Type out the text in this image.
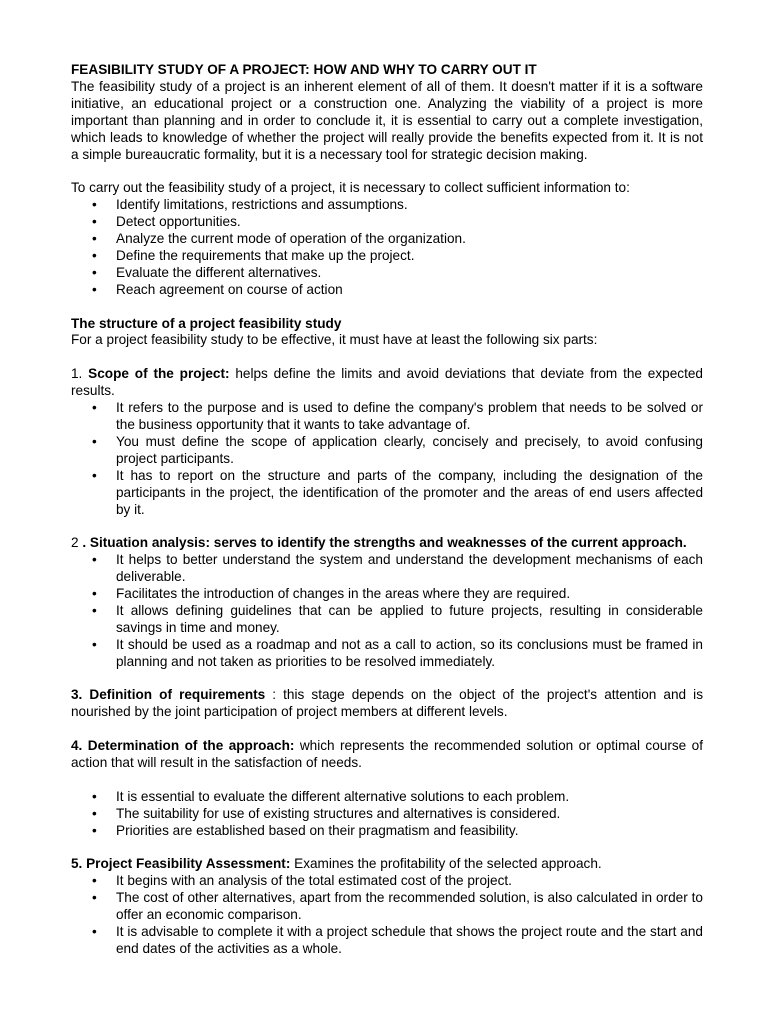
FEASIBILITY STUDY OF A PROJECT: HOW AND WHY TO CARRY OUT IT

The feasibility study of a project is an inherent element of all of them. It doesn't matter if it is a software initiative, an educational project or a construction one. Analyzing the viability of a project is more important than planning and in order to conclude it, it is essential to carry out a complete investigation, which leads to knowledge of whether the project will really provide the benefits expected from it. It is not a simple bureaucratic formality, but it is a necessary tool for strategic decision making.

To carry out the feasibility study of a project, it is necessary to collect sufficient information to:

• Identify limitations, restrictions and assumptions.
• Detect opportunities.
• Analyze the current mode of operation of the organization.
• Define the requirements that make up the project.
• Evaluate the different alternatives.
• Reach agreement on course of action

The structure of a project feasibility study

For a project feasibility study to be effective, it must have at least the following six parts:

1. Scope of the project: helps define the limits and avoid deviations that deviate from the expected results.

• It refers to the purpose and is used to define the company's problem that needs to be solved or the business opportunity that it wants to take advantage of.
• You must define the scope of application clearly, concisely and precisely, to avoid confusing project participants.
• It has to report on the structure and parts of the company, including the designation of the participants in the project, the identification of the promoter and the areas of end users affected by it.

2 . Situation analysis: serves to identify the strengths and weaknesses of the current approach.

• It helps to better understand the system and understand the development mechanisms of each deliverable.
• Facilitates the introduction of changes in the areas where they are required.
• It allows defining guidelines that can be applied to future projects, resulting in considerable savings in time and money.
• It should be used as a roadmap and not as a call to action, so its conclusions must be framed in planning and not taken as priorities to be resolved immediately.

3. Definition of requirements : this stage depends on the object of the project's attention and is nourished by the joint participation of project members at different levels.

4. Determination of the approach: which represents the recommended solution or optimal course of action that will result in the satisfaction of needs.

• It is essential to evaluate the different alternative solutions to each problem.
• The suitability for use of existing structures and alternatives is considered.
• Priorities are established based on their pragmatism and feasibility.

5. Project Feasibility Assessment: Examines the profitability of the selected approach.

• It begins with an analysis of the total estimated cost of the project.
• The cost of other alternatives, apart from the recommended solution, is also calculated in order to offer an economic comparison.
• It is advisable to complete it with a project schedule that shows the project route and the start and end dates of the activities as a whole.
